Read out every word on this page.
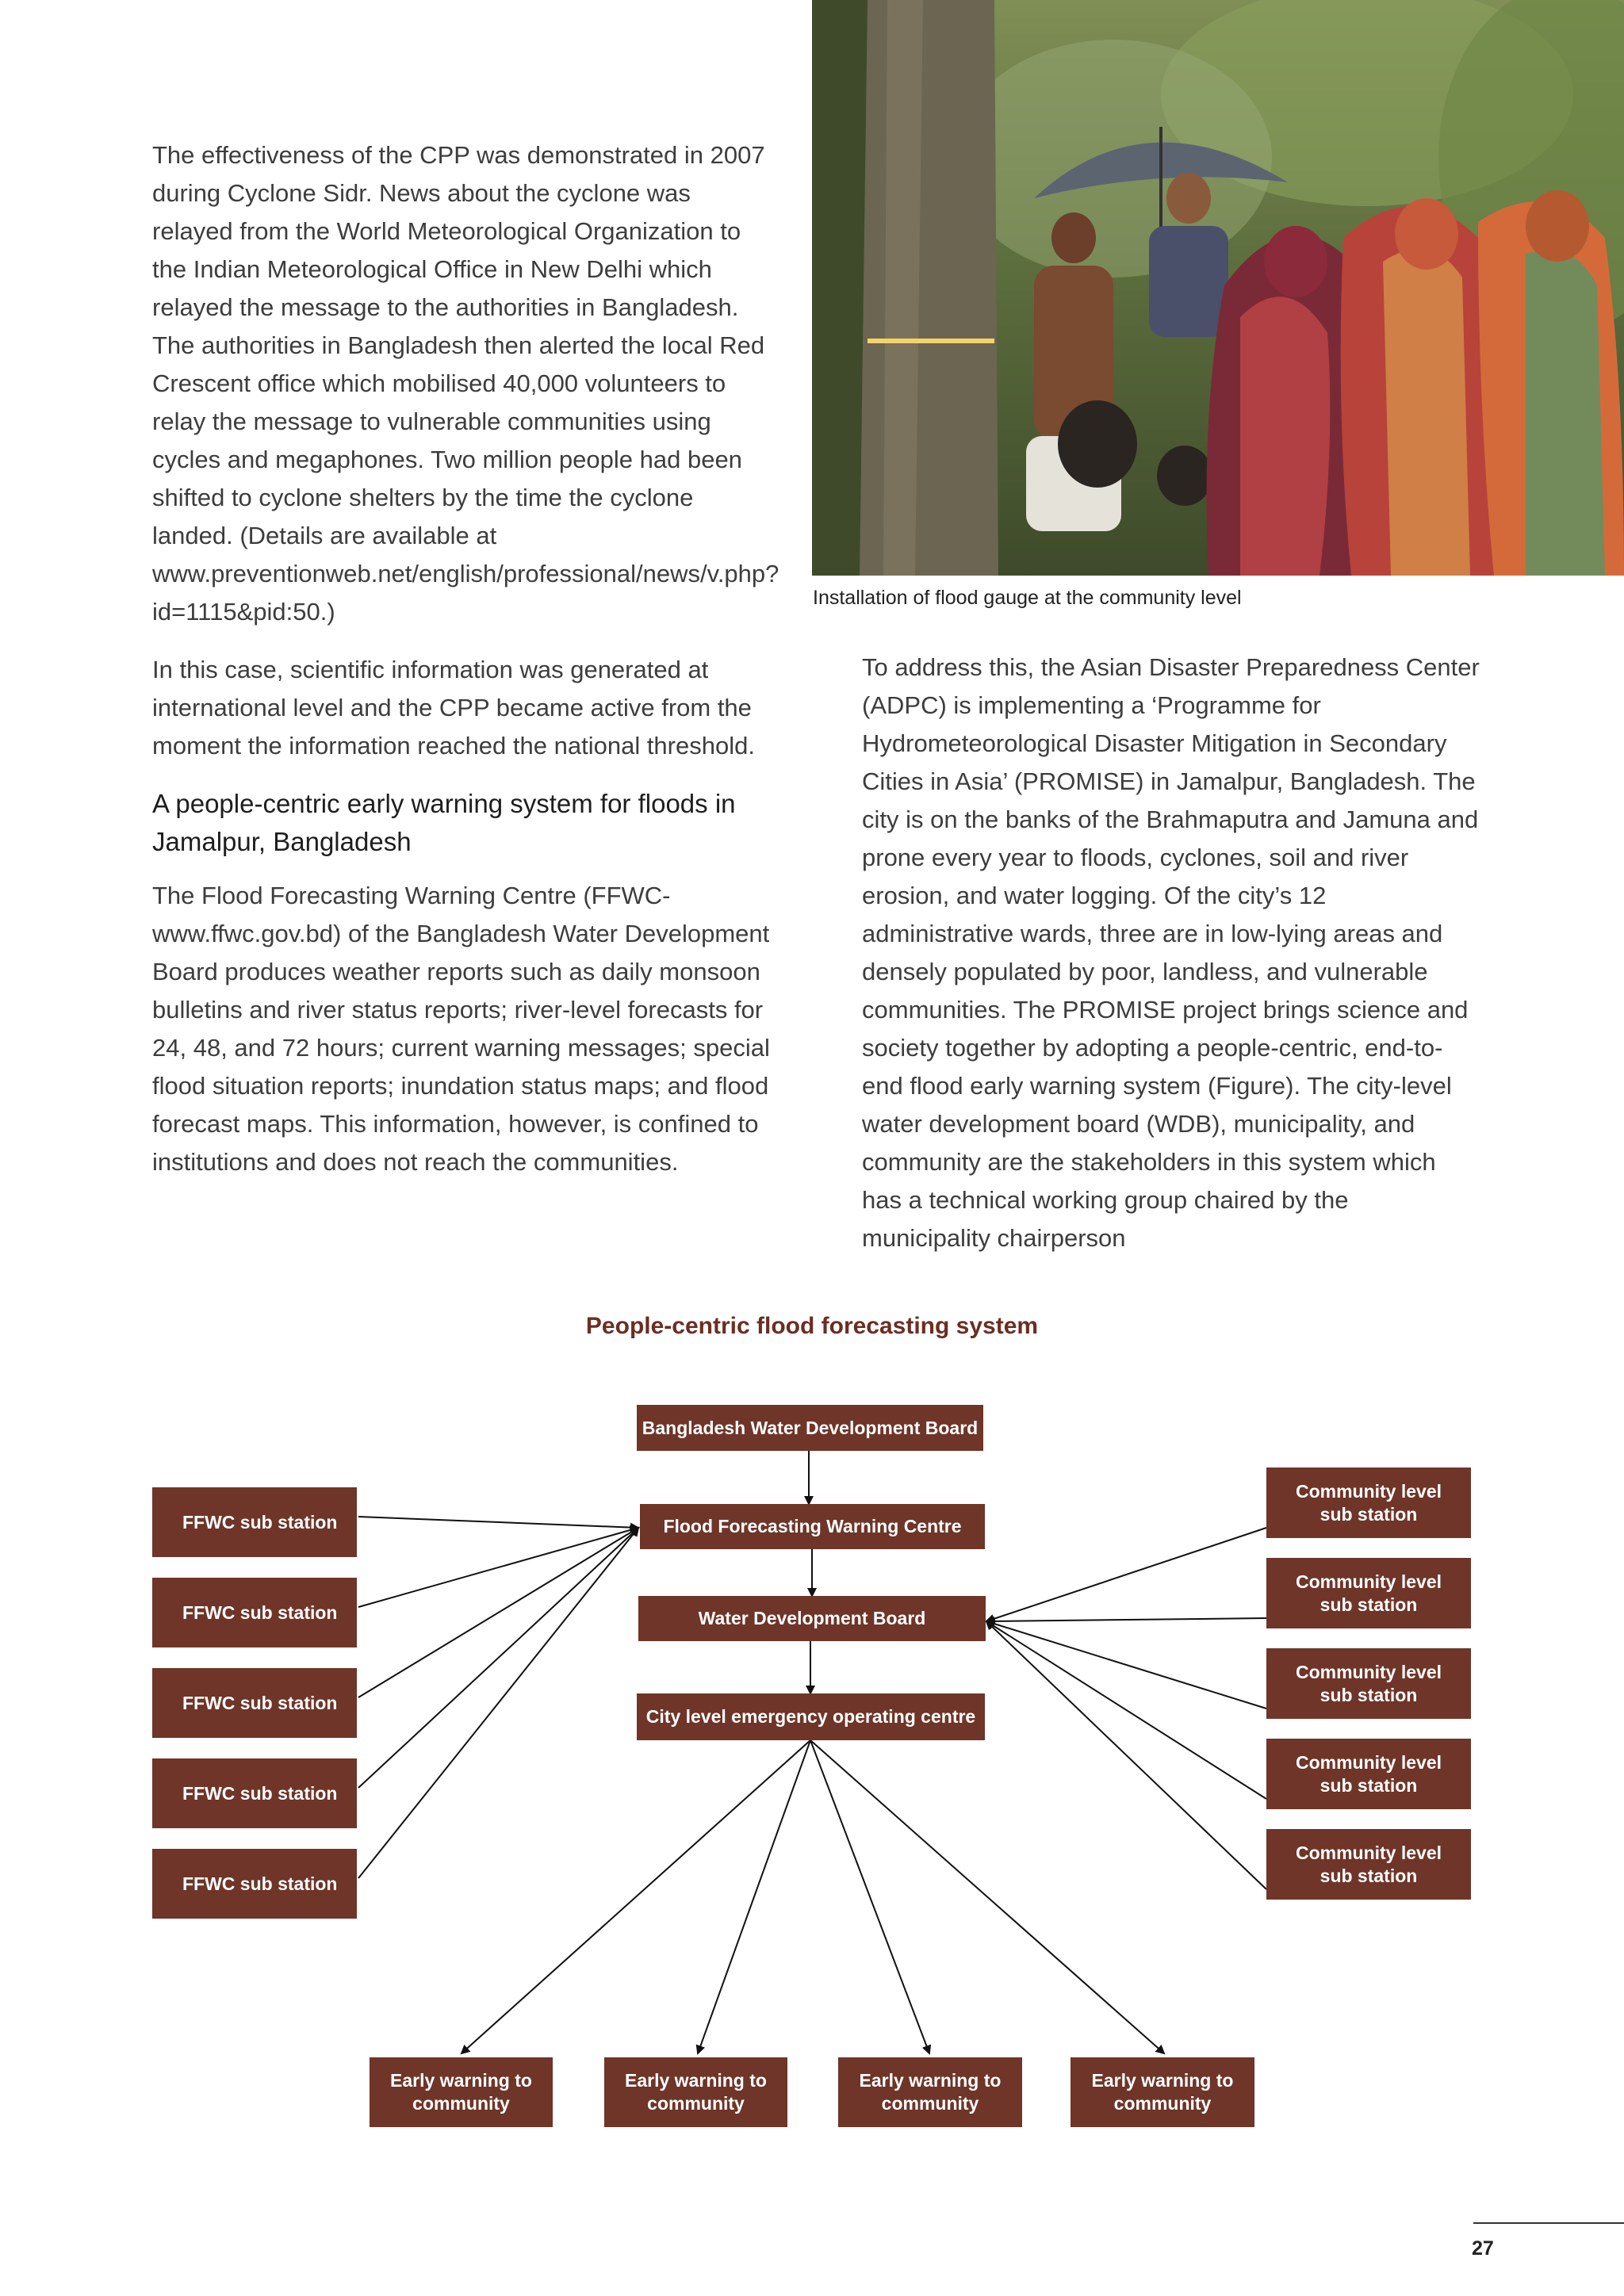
The effectiveness of the CPP was demonstrated in 2007 during Cyclone Sidr. News about the cyclone was relayed from the World Meteorological Organization to the Indian Meteorological Office in New Delhi which relayed the message to the authorities in Bangladesh. The authorities in Bangladesh then alerted the local Red Crescent office which mobilised 40,000 volunteers to relay the message to vulnerable communities using cycles and megaphones. Two million people had been shifted to cyclone shelters by the time the cyclone landed. (Details are available at www.preventionweb.net/english/professional/news/v.php?id=1115&pid:50.)

In this case, scientific information was generated at international level and the CPP became active from the moment the information reached the national threshold.

A people-centric early warning system for floods in Jamalpur, Bangladesh

The Flood Forecasting Warning Centre (FFWC- www.ffwc.gov.bd) of the Bangladesh Water Development Board produces weather reports such as daily monsoon bulletins and river status reports; river-level forecasts for 24, 48, and 72 hours; current warning messages; special flood situation reports; inundation status maps; and flood forecast maps. This information, however, is confined to institutions and does not reach the communities.

Installation of flood gauge at the community level

To address this, the Asian Disaster Preparedness Center (ADPC) is implementing a ‘Programme for Hydrometeorological Disaster Mitigation in Secondary Cities in Asia’ (PROMISE) in Jamalpur, Bangladesh. The city is on the banks of the Brahmaputra and Jamuna and prone every year to floods, cyclones, soil and river erosion, and water logging. Of the city’s 12 administrative wards, three are in low-lying areas and densely populated by poor, landless, and vulnerable communities. The PROMISE project brings science and society together by adopting a people-centric, end-to-end flood early warning system (Figure). The city-level water development board (WDB), municipality, and community are the stakeholders in this system which has a technical working group chaired by the municipality chairperson

People-centric flood forecasting system
Bangladesh Water Development Board
Flood Forecasting Warning Centre
Water Development Board
City level emergency operating centre
FFWC sub station
FFWC sub station
FFWC sub station
FFWC sub station
FFWC sub station
Community level
sub station
Community level
sub station
Community level
sub station
Community level
sub station
Community level
sub station
Early warning to
community
Early warning to
community
Early warning to
community
Early warning to
community
27
